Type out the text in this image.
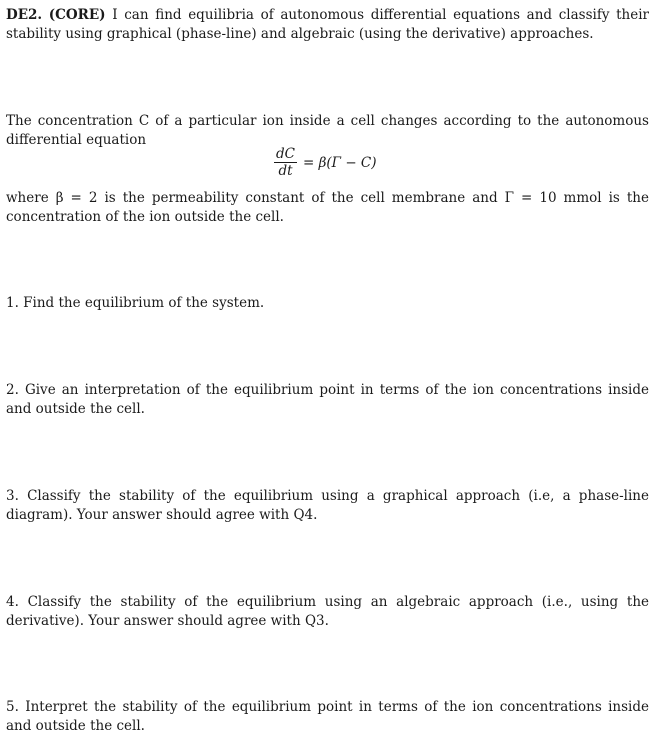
DE2. (CORE) I can find equilibria of autonomous differential equations and classify their stability using graphical (phase-line) and algebraic (using the derivative) approaches.
The concentration C of a particular ion inside a cell changes according to the autonomous differential equation
$\frac{dC}{dt} = \beta(\Gamma - C)$
where β = 2 is the permeability constant of the cell membrane and Γ = 10 mmol is the concentration of the ion outside the cell.
1. Find the equilibrium of the system.
2. Give an interpretation of the equilibrium point in terms of the ion concentrations inside and outside the cell.
3. Classify the stability of the equilibrium using a graphical approach (i.e, a phase-line diagram). Your answer should agree with Q4.
4. Classify the stability of the equilibrium using an algebraic approach (i.e., using the derivative). Your answer should agree with Q3.
5. Interpret the stability of the equilibrium point in terms of the ion concentrations inside and outside the cell.
